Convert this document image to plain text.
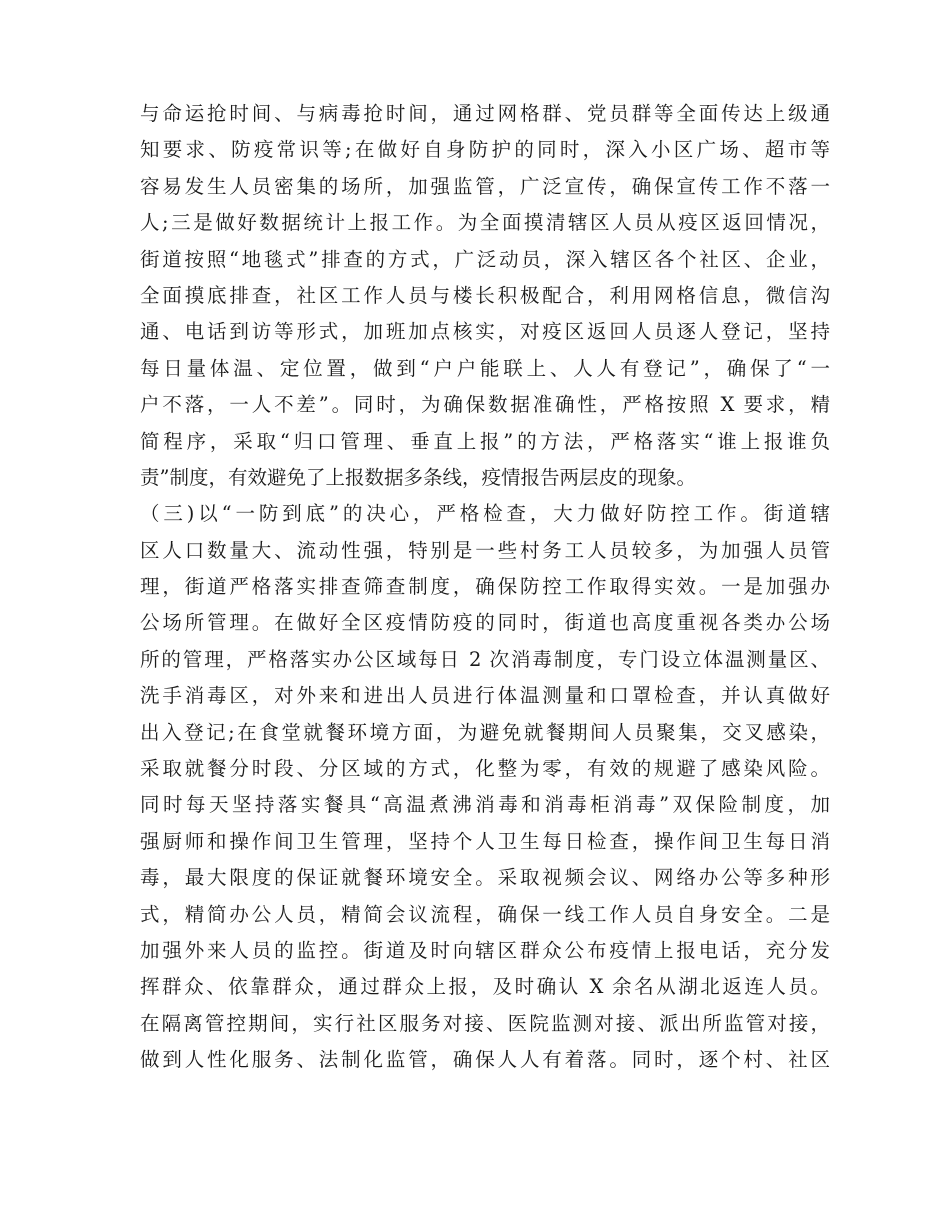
与命运抢时间、与病毒抢时间，通过网格群、党员群等全面传达上级通
知要求、防疫常识等;在做好自身防护的同时，深入小区广场、超市等
容易发生人员密集的场所，加强监管，广泛宣传，确保宣传工作不落一
人;三是做好数据统计上报工作。为全面摸清辖区人员从疫区返回情况，
街道按照“地毯式”排查的方式，广泛动员，深入辖区各个社区、企业，
全面摸底排查，社区工作人员与楼长积极配合，利用网格信息，微信沟
通、电话到访等形式，加班加点核实，对疫区返回人员逐人登记，坚持
每日量体温、定位置，做到“户户能联上、人人有登记”，确保了“一
户不落，一人不差”。同时，为确保数据准确性，严格按照 X 要求，精
简程序，采取“归口管理、垂直上报”的方法，严格落实“谁上报谁负
责”制度，有效避免了上报数据多条线，疫情报告两层皮的现象。
（三)以“一防到底”的决心，严格检查，大力做好防控工作。街道辖
区人口数量大、流动性强，特别是一些村务工人员较多，为加强人员管
理，街道严格落实排查筛查制度，确保防控工作取得实效。一是加强办
公场所管理。在做好全区疫情防疫的同时，街道也高度重视各类办公场
所的管理，严格落实办公区域每日 2 次消毒制度，专门设立体温测量区、
洗手消毒区，对外来和进出人员进行体温测量和口罩检查，并认真做好
出入登记;在食堂就餐环境方面，为避免就餐期间人员聚集，交叉感染，
采取就餐分时段、分区域的方式，化整为零，有效的规避了感染风险。
同时每天坚持落实餐具“高温煮沸消毒和消毒柜消毒”双保险制度，加
强厨师和操作间卫生管理，坚持个人卫生每日检查，操作间卫生每日消
毒，最大限度的保证就餐环境安全。采取视频会议、网络办公等多种形
式，精简办公人员，精简会议流程，确保一线工作人员自身安全。二是
加强外来人员的监控。街道及时向辖区群众公布疫情上报电话，充分发
挥群众、依靠群众，通过群众上报，及时确认 X 余名从湖北返连人员。
在隔离管控期间，实行社区服务对接、医院监测对接、派出所监管对接，
做到人性化服务、法制化监管，确保人人有着落。同时，逐个村、社区
